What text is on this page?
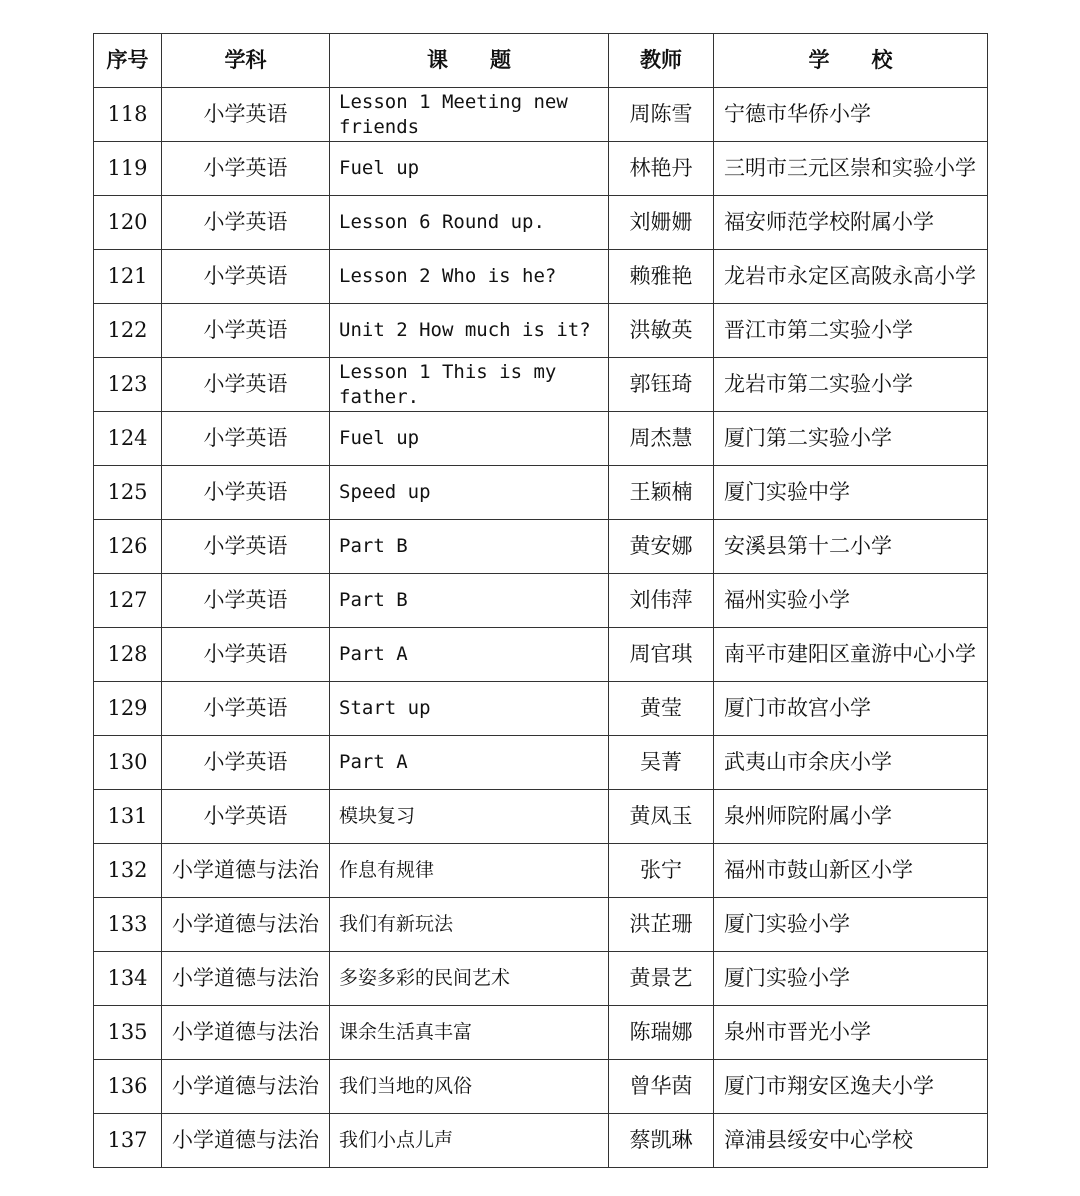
序号	学科	课　　题	教师	学　　校
118	小学英语	Lesson 1 Meeting new friends	周陈雪	宁德市华侨小学
119	小学英语	Fuel up	林艳丹	三明市三元区崇和实验小学
120	小学英语	Lesson 6 Round up.	刘姗姗	福安师范学校附属小学
121	小学英语	Lesson 2 Who is he?	赖雅艳	龙岩市永定区高陂永高小学
122	小学英语	Unit 2 How much is it?	洪敏英	晋江市第二实验小学
123	小学英语	Lesson 1 This is my father.	郭钰琦	龙岩市第二实验小学
124	小学英语	Fuel up	周杰慧	厦门第二实验小学
125	小学英语	Speed up	王颖楠	厦门实验中学
126	小学英语	Part B	黄安娜	安溪县第十二小学
127	小学英语	Part B	刘伟萍	福州实验小学
128	小学英语	Part A	周官琪	南平市建阳区童游中心小学
129	小学英语	Start up	黄莹	厦门市故宫小学
130	小学英语	Part A	吴菁	武夷山市余庆小学
131	小学英语	模块复习	黄凤玉	泉州师院附属小学
132	小学道德与法治	作息有规律	张宁	福州市鼓山新区小学
133	小学道德与法治	我们有新玩法	洪芷珊	厦门实验小学
134	小学道德与法治	多姿多彩的民间艺术	黄景艺	厦门实验小学
135	小学道德与法治	课余生活真丰富	陈瑞娜	泉州市晋光小学
136	小学道德与法治	我们当地的风俗	曾华茵	厦门市翔安区逸夫小学
137	小学道德与法治	我们小点儿声	蔡凯琳	漳浦县绥安中心学校
